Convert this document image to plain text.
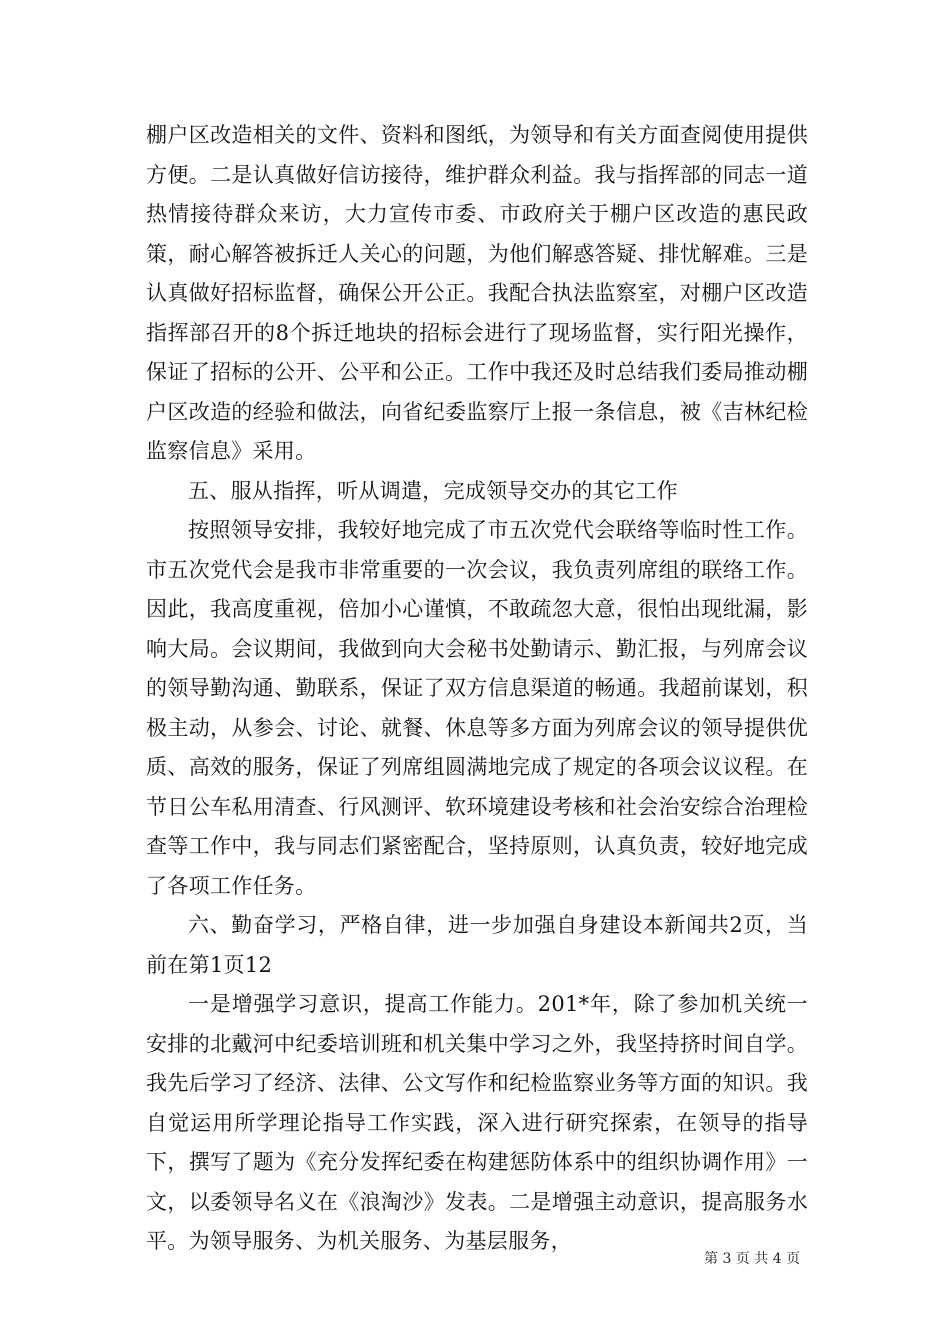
棚户区改造相关的文件、资料和图纸，为领导和有关方面查阅使用提供方便。二是认真做好信访接待，维护群众利益。我与指挥部的同志一道热情接待群众来访，大力宣传市委、市政府关于棚户区改造的惠民政策，耐心解答被拆迁人关心的问题，为他们解惑答疑、排忧解难。三是认真做好招标监督，确保公开公正。我配合执法监察室，对棚户区改造指挥部召开的8个拆迁地块的招标会进行了现场监督，实行阳光操作，保证了招标的公开、公平和公正。工作中我还及时总结我们委局推动棚户区改造的经验和做法，向省纪委监察厅上报一条信息，被《吉林纪检监察信息》采用。

五、服从指挥，听从调遣，完成领导交办的其它工作

按照领导安排，我较好地完成了市五次党代会联络等临时性工作。市五次党代会是我市非常重要的一次会议，我负责列席组的联络工作。因此，我高度重视，倍加小心谨慎，不敢疏忽大意，很怕出现纰漏，影响大局。会议期间，我做到向大会秘书处勤请示、勤汇报，与列席会议的领导勤沟通、勤联系，保证了双方信息渠道的畅通。我超前谋划，积极主动，从参会、讨论、就餐、休息等多方面为列席会议的领导提供优质、高效的服务，保证了列席组圆满地完成了规定的各项会议议程。在节日公车私用清查、行风测评、软环境建设考核和社会治安综合治理检查等工作中，我与同志们紧密配合，坚持原则，认真负责，较好地完成了各项工作任务。

六、勤奋学习，严格自律，进一步加强自身建设本新闻共2页，当前在第1页12

一是增强学习意识，提高工作能力。201*年，除了参加机关统一安排的北戴河中纪委培训班和机关集中学习之外，我坚持挤时间自学。我先后学习了经济、法律、公文写作和纪检监察业务等方面的知识。我自觉运用所学理论指导工作实践，深入进行研究探索，在领导的指导下，撰写了题为《充分发挥纪委在构建惩防体系中的组织协调作用》一文，以委领导名义在《浪淘沙》发表。二是增强主动意识，提高服务水平。为领导服务、为机关服务、为基层服务，

第 3 页 共 4 页
